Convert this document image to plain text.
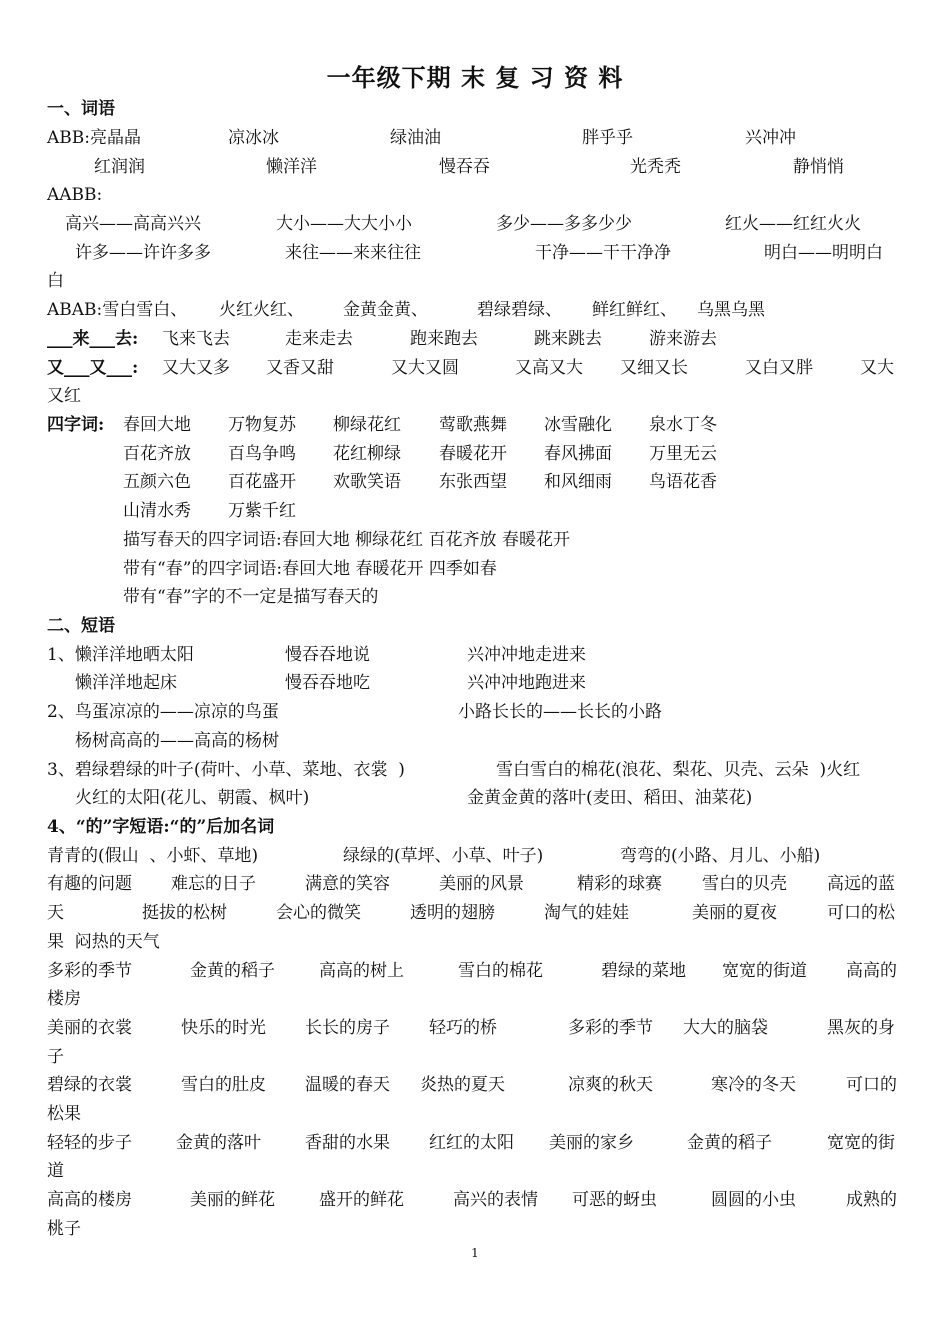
一年级下期 末 复 习 资 料
一、词语
ABB:亮晶晶	凉冰冰	绿油油	胖乎乎	兴冲冲
红润润	懒洋洋	慢吞吞	光秃秃	静悄悄
AABB:
高兴——高高兴兴	大小——大大小小	多少——多多少少	红火——红红火火
许多——许许多多	来往——来来往往	干净——干干净净	明白——明明白
白
ABAB:雪白雪白、 火红火红、 金黄金黄、	碧绿碧绿、 鲜红鲜红、 乌黑乌黑
___来___去: 飞来飞去	走来走去	跑来跑去	跳来跳去	游来游去
又___又___: 又大又多 又香又甜	又大又圆	又高又大 又细又长	又白又胖	又大
又红
四字词: 春回大地 万物复苏 柳绿花红 莺歌燕舞 冰雪融化 泉水丁冬
百花齐放 百鸟争鸣 花红柳绿 春暖花开 春风拂面 万里无云
五颜六色 百花盛开 欢歌笑语 东张西望 和风细雨 鸟语花香
山清水秀 万紫千红
描写春天的四字词语:春回大地 柳绿花红 百花齐放 春暖花开
带有“春”的四字词语:春回大地 春暖花开 四季如春
带有“春”字的不一定是描写春天的
二、短语
1、懒洋洋地晒太阳	慢吞吞地说	兴冲冲地走进来
懒洋洋地起床	慢吞吞地吃	兴冲冲地跑进来
2、鸟蛋凉凉的——凉凉的鸟蛋	小路长长的——长长的小路
杨树高高的——高高的杨树
3、碧绿碧绿的叶子(荷叶、小草、菜地、衣裳  )	雪白雪白的棉花(浪花、梨花、贝壳、云朵  )火红
火红的太阳(花儿、朝霞、枫叶)	金黄金黄的落叶(麦田、稻田、油菜花)
4、“的”字短语:“的”后加名词
青青的(假山  、小虾、草地)	绿绿的(草坪、小草、叶子)	弯弯的(小路、月儿、小船)
有趣的问题 难忘的日子	满意的笑容	美丽的风景	精彩的球赛 雪白的贝壳 高远的蓝
天	挺拔的松树	会心的微笑	透明的翅膀	淘气的娃娃	美丽的夏夜	可口的松
果  闷热的天气
多彩的季节	金黄的稻子	高高的树上	雪白的棉花	碧绿的菜地 宽宽的街道 高高的
楼房
美丽的衣裳	快乐的时光 长长的房子 轻巧的桥	多彩的季节 大大的脑袋	黑灰的身
子
碧绿的衣裳	雪白的肚皮 温暖的春天 炎热的夏天	凉爽的秋天	寒冷的冬天	可口的
松果
轻轻的步子	金黄的落叶	香甜的水果 红红的太阳 美丽的家乡	金黄的稻子	宽宽的街
道
高高的楼房	美丽的鲜花	盛开的鲜花	高兴的表情 可恶的蚜虫	圆圆的小虫	成熟的
桃子
1
